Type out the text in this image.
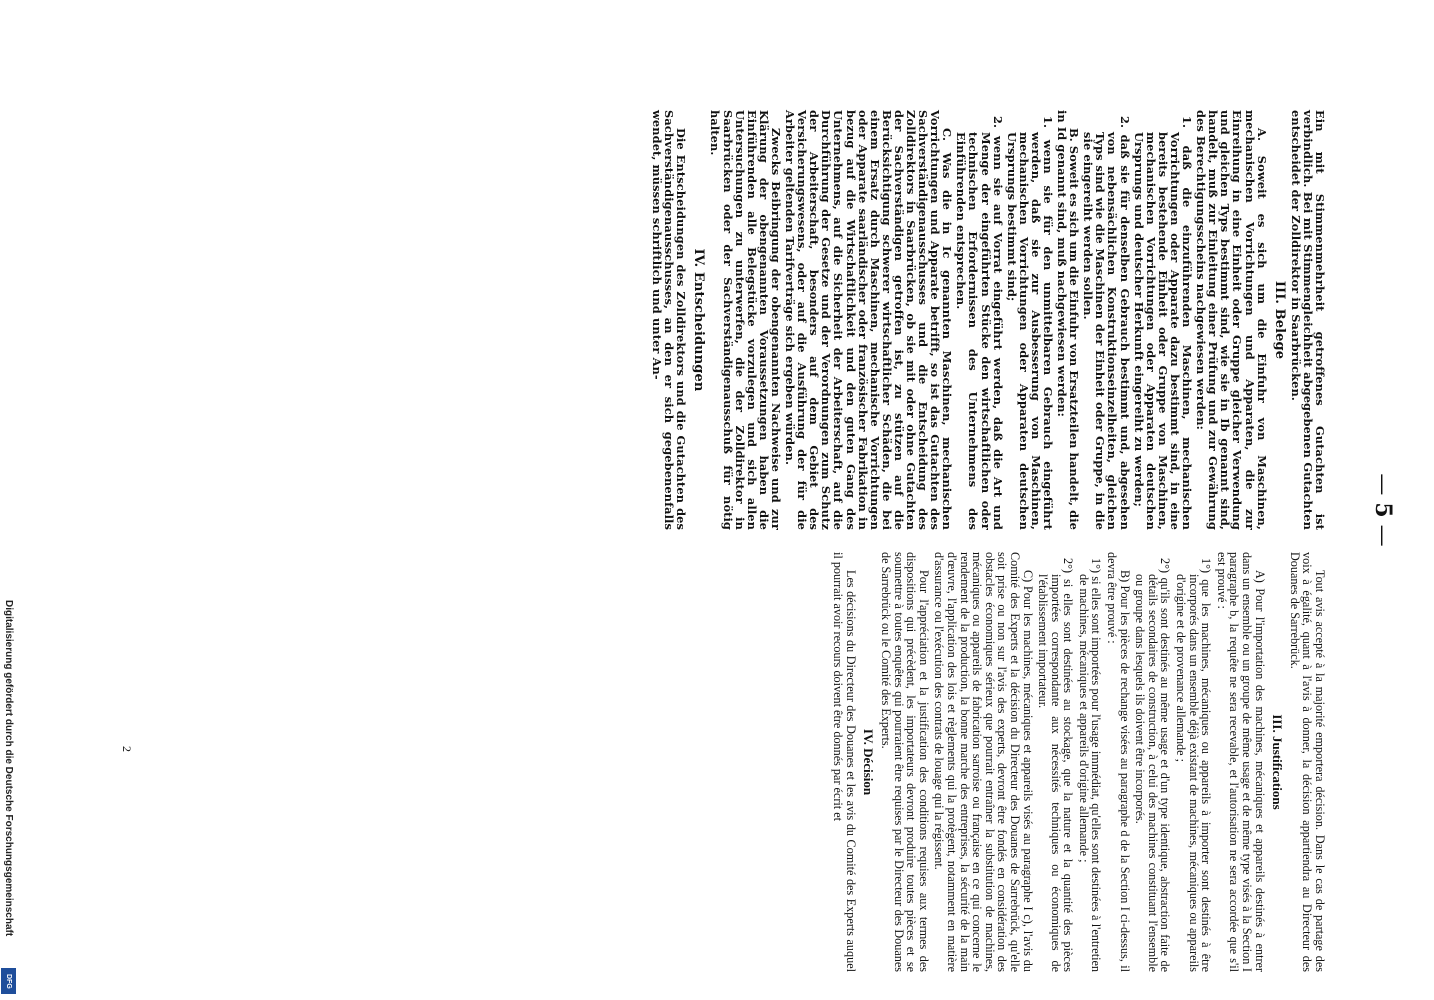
— 5 —

Ein mit Stimmenmehrheit getroffenes Gutachten ist verbindlich. Bei mit Stimmengleichheit abgegebenen Gutachten entscheidet der Zolldirektor in Saarbrücken.

III. Belege

A. Soweit es sich um die Einfuhr von Maschinen, mechanischen Vorrichtungen und Apparaten, die zur Einreihung in eine Einheit oder Gruppe gleicher Verwendung und gleichen Typs bestimmt sind, wie sie in Ib genannt sind, handelt, muß zur Einleitung einer Prüfung und zur Gewährung des Berechtigungsscheins nachgewiesen werden:

1. daß die einzuführenden Maschinen, mechanischen Vorrichtungen oder Apparate dazu bestimmt sind, in eine bereits bestehende Einheit oder Gruppe von Maschinen, mechanischen Vorrichtungen oder Apparaten deutschen Ursprungs und deutscher Herkunft eingereiht zu werden;

2. daß sie für denselben Gebrauch bestimmt und, abgesehen von nebensächlichen Konstruktionseinzelheiten, gleichen Typs sind wie die Maschinen der Einheit oder Gruppe, in die sie eingereiht werden sollen.

B. Soweit es sich um die Einfuhr von Ersatzteilen handelt, die in Id genannt sind, muß nachgewiesen werden:

1. wenn sie für den unmittelbaren Gebrauch eingeführt werden, daß sie zur Ausbesserung von Maschinen, mechanischen Vorrichtungen oder Apparaten deutschen Ursprungs bestimmt sind;

2. wenn sie auf Vorrat eingeführt werden, daß die Art und Menge der eingeführten Stücke den wirtschaftlichen oder technischen Erfordernissen des Unternehmens des Einführenden entsprechen.

C. Was die in Ic genannten Maschinen, mechanischen Vorrichtungen und Apparate betrifft, so ist das Gutachten des Sachverständigenausschusses und die Entscheidung des Zolldirektors in Saarbrücken, ob sie mit oder ohne Gutachten der Sachverständigen getroffen ist, zu stützen auf die Berücksichtigung schwerer wirtschaftlicher Schäden, die bei einem Ersatz durch Maschinen, mechanische Vorrichtungen oder Apparate saarländischer oder französischer Fabrikation in bezug auf die Wirtschaftlichkeit und den guten Gang des Unternehmens, auf die Sicherheit der Arbeiterschaft, auf die Durchführung der Gesetze und der Verordnungen zum Schutz der Arbeiterschaft, besonders auf dem Gebiet des Versicherungswesens, oder auf die Ausführung der für die Arbeiter geltenden Tarifverträge sich ergeben würden.

Zwecks Beibringung der obengenannten Nachweise und zur Klärung der obengenannten Voraussetzungen haben die Einführenden alle Belegstücke vorzulegen und sich allen Untersuchungen zu unterwerfen, die der Zolldirektor in Saarbrücken oder der Sachverständigenausschuß für nötig halten.

IV. Entscheidungen

Die Entscheidungen des Zolldirektors und die Gutachten des Sachverständigenausschusses, an den er sich gegebenenfalls wendet, müssen schriftlich und unter An-

Tout avis accepté à la majorité emportera décision. Dans le cas de partage des voix à égalité, quant à l'avis à donner, la décision appartiendra au Directeur des Douanes de Sarrebrück.

III. Justifications

A) Pour l'importation des machines, mécaniques et appareils destinés à entrer dans un ensemble ou un groupe de même usage et de même type visés à la Section I paragraphe b, la requête ne sera recevable, et l'autorisation ne sera accordée que s'il est prouvé :

1°) que les machines, mécaniques ou appareils à importer sont destinés à être incorporés dans un ensemble déjà existant de machines, mécaniques ou appareils d'origine et de provenance allemande ;

2°) qu'ils sont destinés au même usage et d'un type identique, abstraction faite de détails secondaires de construction, à celui des machines constituant l'ensemble ou groupe dans lesquels ils doivent être incorporés.

B) Pour les pièces de rechange visées au paragraphe d de la Section I ci-dessus, il devra être prouvé :

1°) si elles sont importées pour l'usage immédiat, qu'elles sont destinées à l'entretien de machines, mécaniques et appareils d'origine allemande ;

2°) si elles sont destinées au stockage, que la nature et la quantité des pièces importées correspondante aux nécessités techniques ou économiques de l'établissement importateur.

C) Pour les machines, mécaniques et appareils visés au paragraphe I c), l'avis du Comité des Experts et la décision du Directeur des Douanes de Sarrebrück, qu'elle soit prise ou non sur l'avis des experts, devront être fondés en considération des obstacles économiques sérieux que pourrait entraîner la substitution de machines, mécaniques ou appareils de fabrication sarroise ou française en ce qui concerne le rendement de la production, la bonne marche des entreprises, la sécurité de la main d'œuvre, l'application des lois et règlements qui la protègent, notamment en matière d'assurance ou l'exécution des contrats de louage qui la régissent.

Pour l'appréciation et la justification des conditions requises aux termes des dispositions qui précèdent, les importateurs devront produire toutes pièces et se soumettre à toutes enquêtes qui pourraient être requises par le Directeur des Douanes de Sarrebrück ou le Comité des Experts.

IV. Décision

Les décisions du Directeur des Douanes et les avis du Comité des Experts auquel il pourrait avoir recours doivent être donnés par écrit et

2
Digitalisierung gefördert durch die Deutsche Forschungsgemeinschaft
DFG
